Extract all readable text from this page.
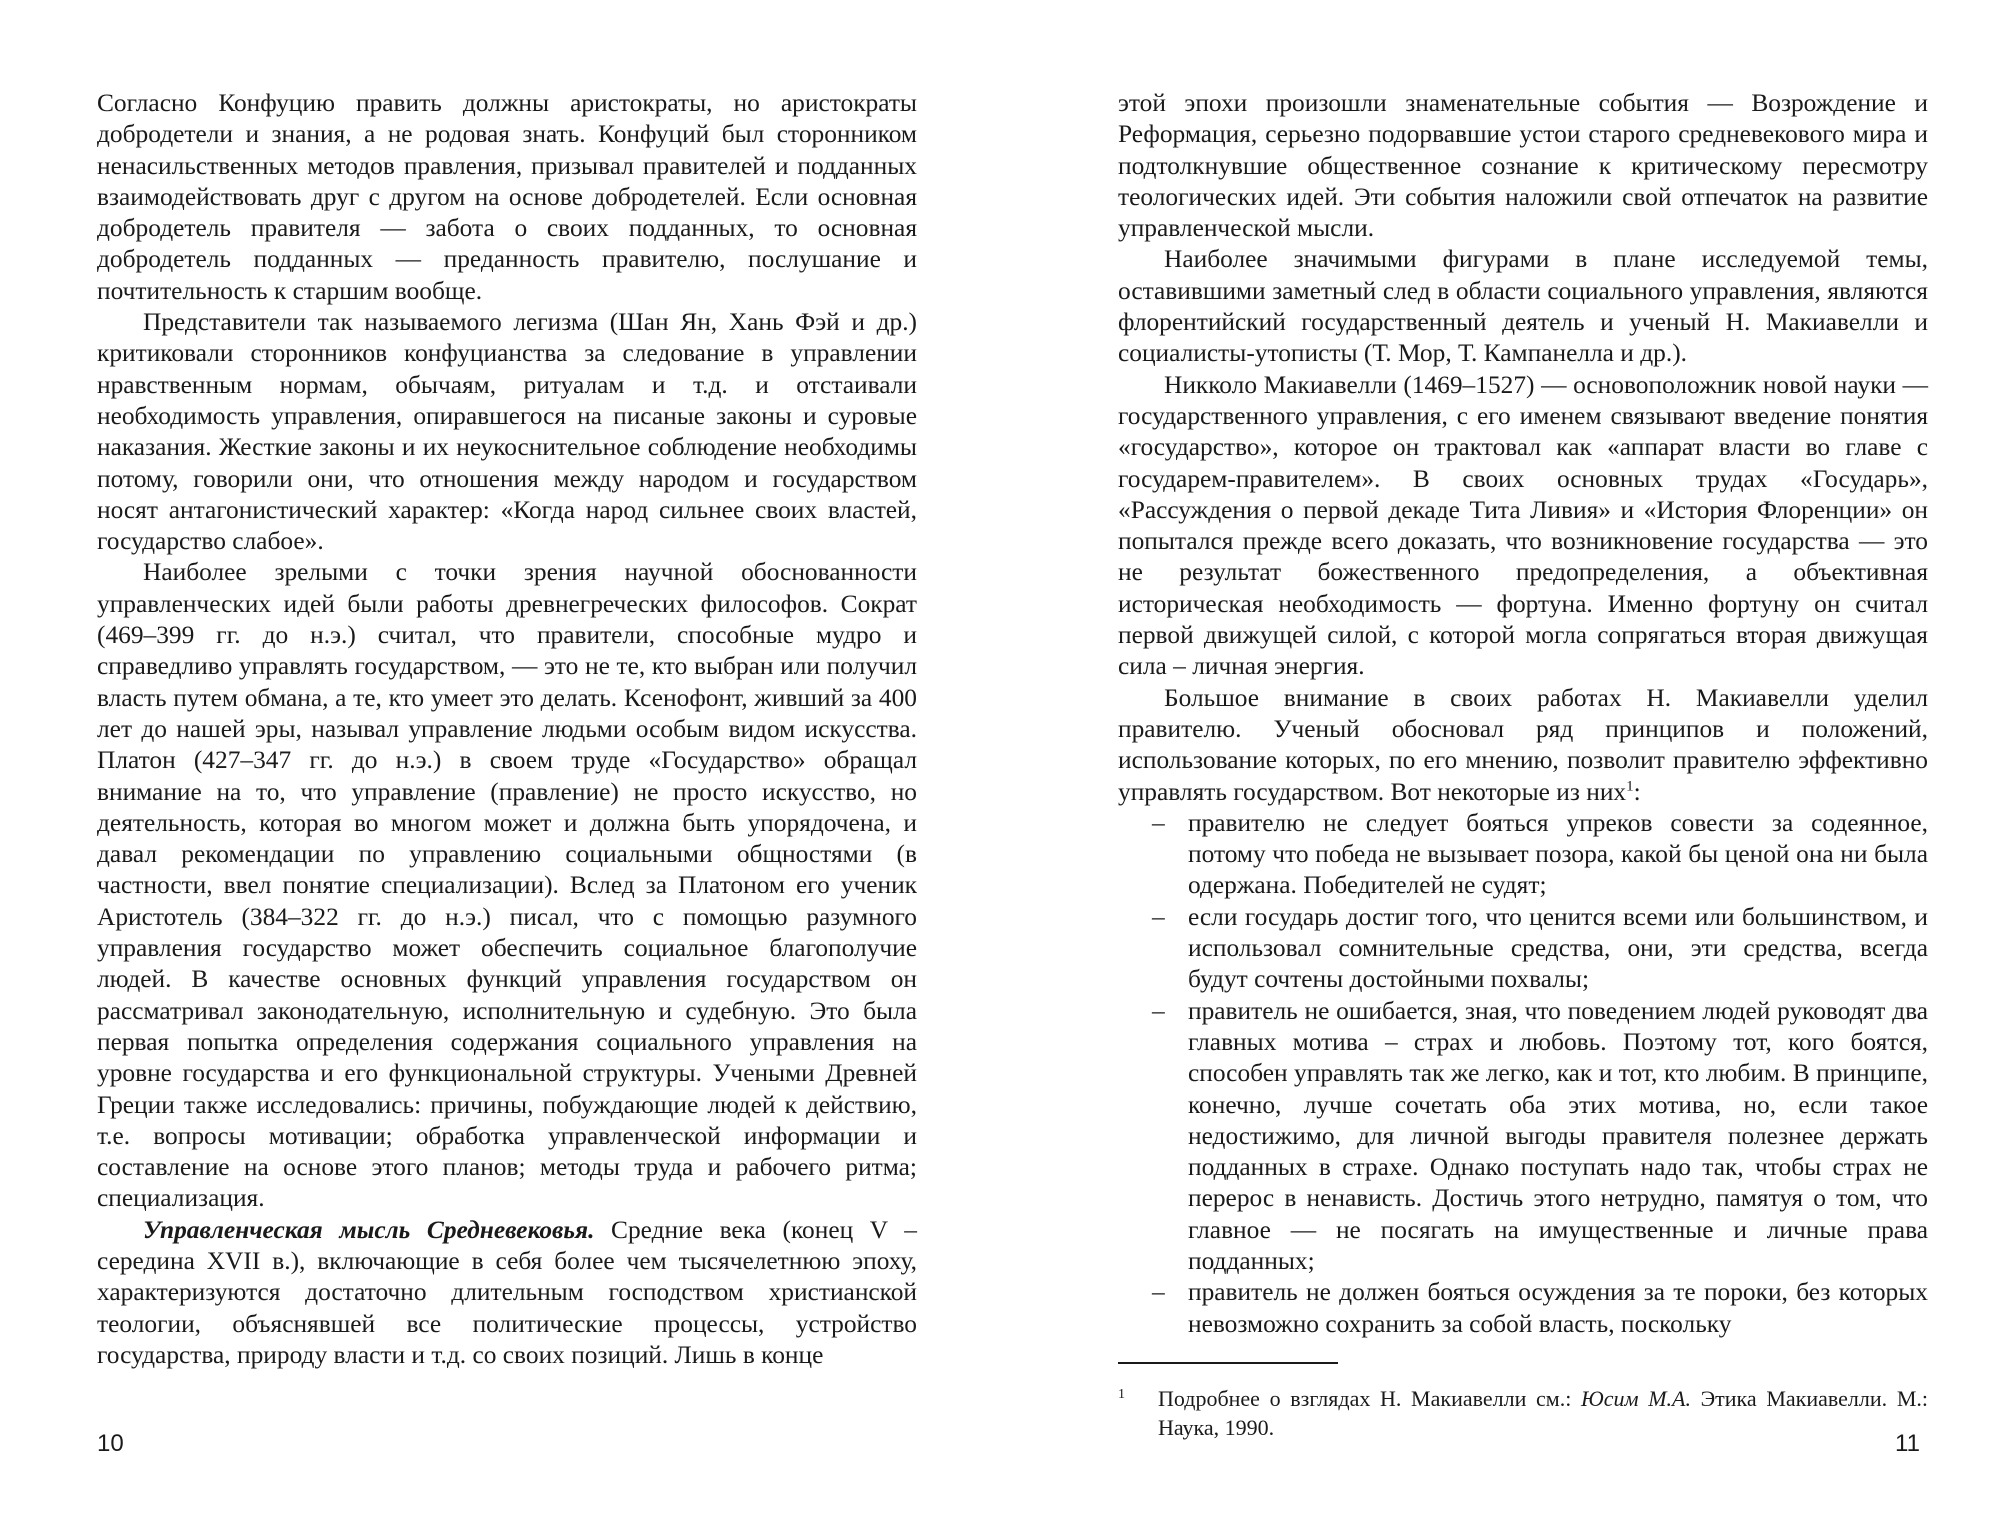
Согласно Конфуцию править должны аристократы, но аристократы добродетели и знания, а не родовая знать. Конфуций был сторонником ненасильственных методов правления, призывал правителей и подданных взаимодействовать друг с другом на основе добродетелей. Если основная добродетель правителя — забота о своих подданных, то основная добродетель подданных — преданность правителю, послушание и почтительность к старшим вообще.

Представители так называемого легизма (Шан Ян, Хань Фэй и др.) критиковали сторонников конфуцианства за следование в управлении нравственным нормам, обычаям, ритуалам и т.д. и отстаивали необходимость управления, опиравшегося на писаные законы и суровые наказания. Жесткие законы и их неукоснительное соблюдение необходимы потому, говорили они, что отношения между народом и государством носят антагонистический характер: «Когда народ сильнее своих властей, государство слабое».

Наиболее зрелыми с точки зрения научной обоснованности управленческих идей были работы древнегреческих философов. Сократ (469–399 гг. до н.э.) считал, что правители, способные мудро и справедливо управлять государством, — это не те, кто выбран или получил власть путем обмана, а те, кто умеет это делать. Ксенофонт, живший за 400 лет до нашей эры, называл управление людьми особым видом искусства. Платон (427–347 гг. до н.э.) в своем труде «Государство» обращал внимание на то, что управление (правление) не просто искусство, но деятельность, которая во многом может и должна быть упорядочена, и давал рекомендации по управлению социальными общностями (в частности, ввел понятие специализации). Вслед за Платоном его ученик Аристотель (384–322 гг. до н.э.) писал, что с помощью разумного управления государство может обеспечить социальное благополучие людей. В качестве основных функций управления государством он рассматривал законодательную, исполнительную и судебную. Это была первая попытка определения содержания социального управления на уровне государства и его функциональной структуры. Учеными Древней Греции также исследовались: причины, побуждающие людей к действию, т.е. вопросы мотивации; обработка управленческой информации и составление на основе этого планов; методы труда и рабочего ритма; специализация.

Управленческая мысль Средневековья. Средние века (конец V – середина XVII в.), включающие в себя более чем тысячелетнюю эпоху, характеризуются достаточно длительным господством христианской теологии, объяснявшей все политические процессы, устройство государства, природу власти и т.д. со своих позиций. Лишь в конце

10

этой эпохи произошли знаменательные события — Возрождение и Реформация, серьезно подорвавшие устои старого средневекового мира и подтолкнувшие общественное сознание к критическому пересмотру теологических идей. Эти события наложили свой отпечаток на развитие управленческой мысли.

Наиболее значимыми фигурами в плане исследуемой темы, оставившими заметный след в области социального управления, являются флорентийский государственный деятель и ученый Н. Макиавелли и социалисты-утописты (Т. Мор, Т. Кампанелла и др.).

Никколо Макиавелли (1469–1527) — основоположник новой науки — государственного управления, с его именем связывают введение понятия «государство», которое он трактовал как «аппарат власти во главе с государем-правителем». В своих основных трудах «Государь», «Рассуждения о первой декаде Тита Ливия» и «История Флоренции» он попытался прежде всего доказать, что возникновение государства — это не результат божественного предопределения, а объективная историческая необходимость — фортуна. Именно фортуну он считал первой движущей силой, с которой могла сопрягаться вторая движущая сила – личная энергия.

Большое внимание в своих работах Н. Макиавелли уделил правителю. Ученый обосновал ряд принципов и положений, использование которых, по его мнению, позволит правителю эффективно управлять государством. Вот некоторые из них$^1$:

– правителю не следует бояться упреков совести за содеянное, потому что победа не вызывает позора, какой бы ценой она ни была одержана. Победителей не судят;
– если государь достиг того, что ценится всеми или большинством, и использовал сомнительные средства, они, эти средства, всегда будут сочтены достойными похвалы;
– правитель не ошибается, зная, что поведением людей руководят два главных мотива – страх и любовь. Поэтому тот, кого боятся, способен управлять так же легко, как и тот, кто любим. В принципе, конечно, лучше сочетать оба этих мотива, но, если такое недостижимо, для личной выгоды правителя полезнее держать подданных в страхе. Однако поступать надо так, чтобы страх не перерос в ненависть. Достичь этого нетрудно, памятуя о том, что главное — не посягать на имущественные и личные права подданных;
– правитель не должен бояться осуждения за те пороки, без которых невозможно сохранить за собой власть, поскольку
1 Подробнее о взглядах Н. Макиавелли см.: Юсим М.А. Этика Макиавелли. М.: Наука, 1990.
11
